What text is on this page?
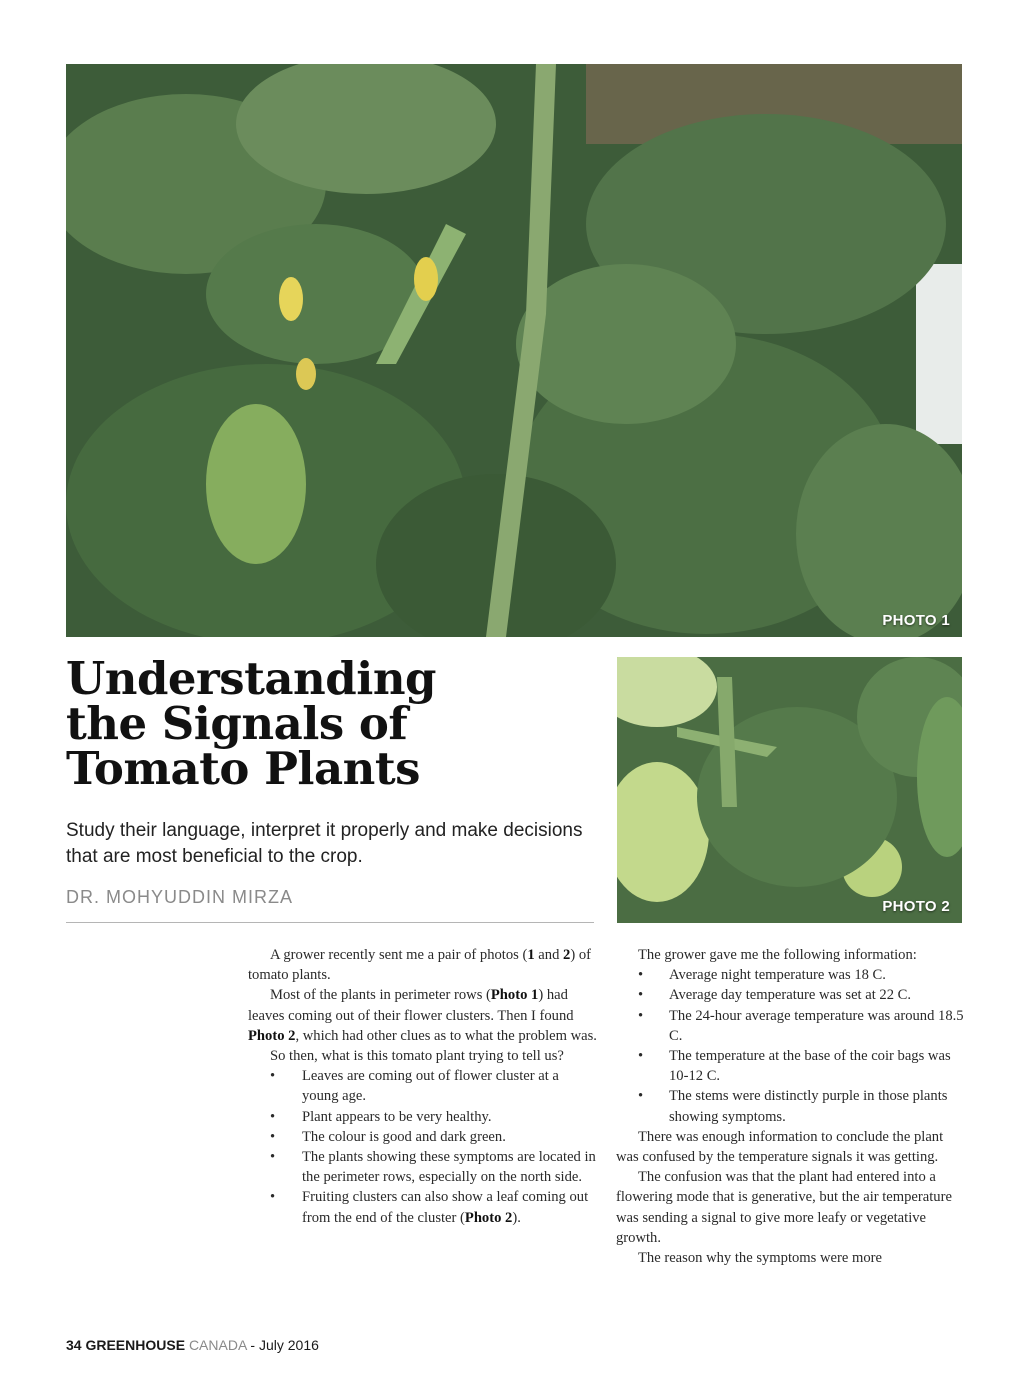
PHOTO 1
PHOTO 2
Understanding
the Signals of
Tomato Plants

Study their language, interpret it properly and make decisions that are most beneficial to the crop.

DR. MOHYUDDIN MIRZA

A grower recently sent me a pair of photos (1 and 2) of tomato plants.

Most of the plants in perimeter rows (Photo 1) had leaves coming out of their flower clusters. Then I found Photo 2, which had other clues as to what the problem was.

So then, what is this tomato plant trying to tell us?

• Leaves are coming out of flower cluster at a young age.
• Plant appears to be very healthy.
• The colour is good and dark green.
• The plants showing these symptoms are located in the perimeter rows, especially on the north side.
• Fruiting clusters can also show a leaf coming out from the end of the cluster (Photo 2).

The grower gave me the following information:

• Average night temperature was 18 C.
• Average day temperature was set at 22 C.
• The 24-hour average temperature was around 18.5 C.
• The temperature at the base of the coir bags was 10-12 C.
• The stems were distinctly purple in those plants showing symptoms.

There was enough information to conclude the plant was confused by the temperature signals it was getting.

The confusion was that the plant had entered into a flowering mode that is generative, but the air temperature was sending a signal to give more leafy or vegetative growth.

The reason why the symptoms were more

34 GREENHOUSE CANADA - July 2016
